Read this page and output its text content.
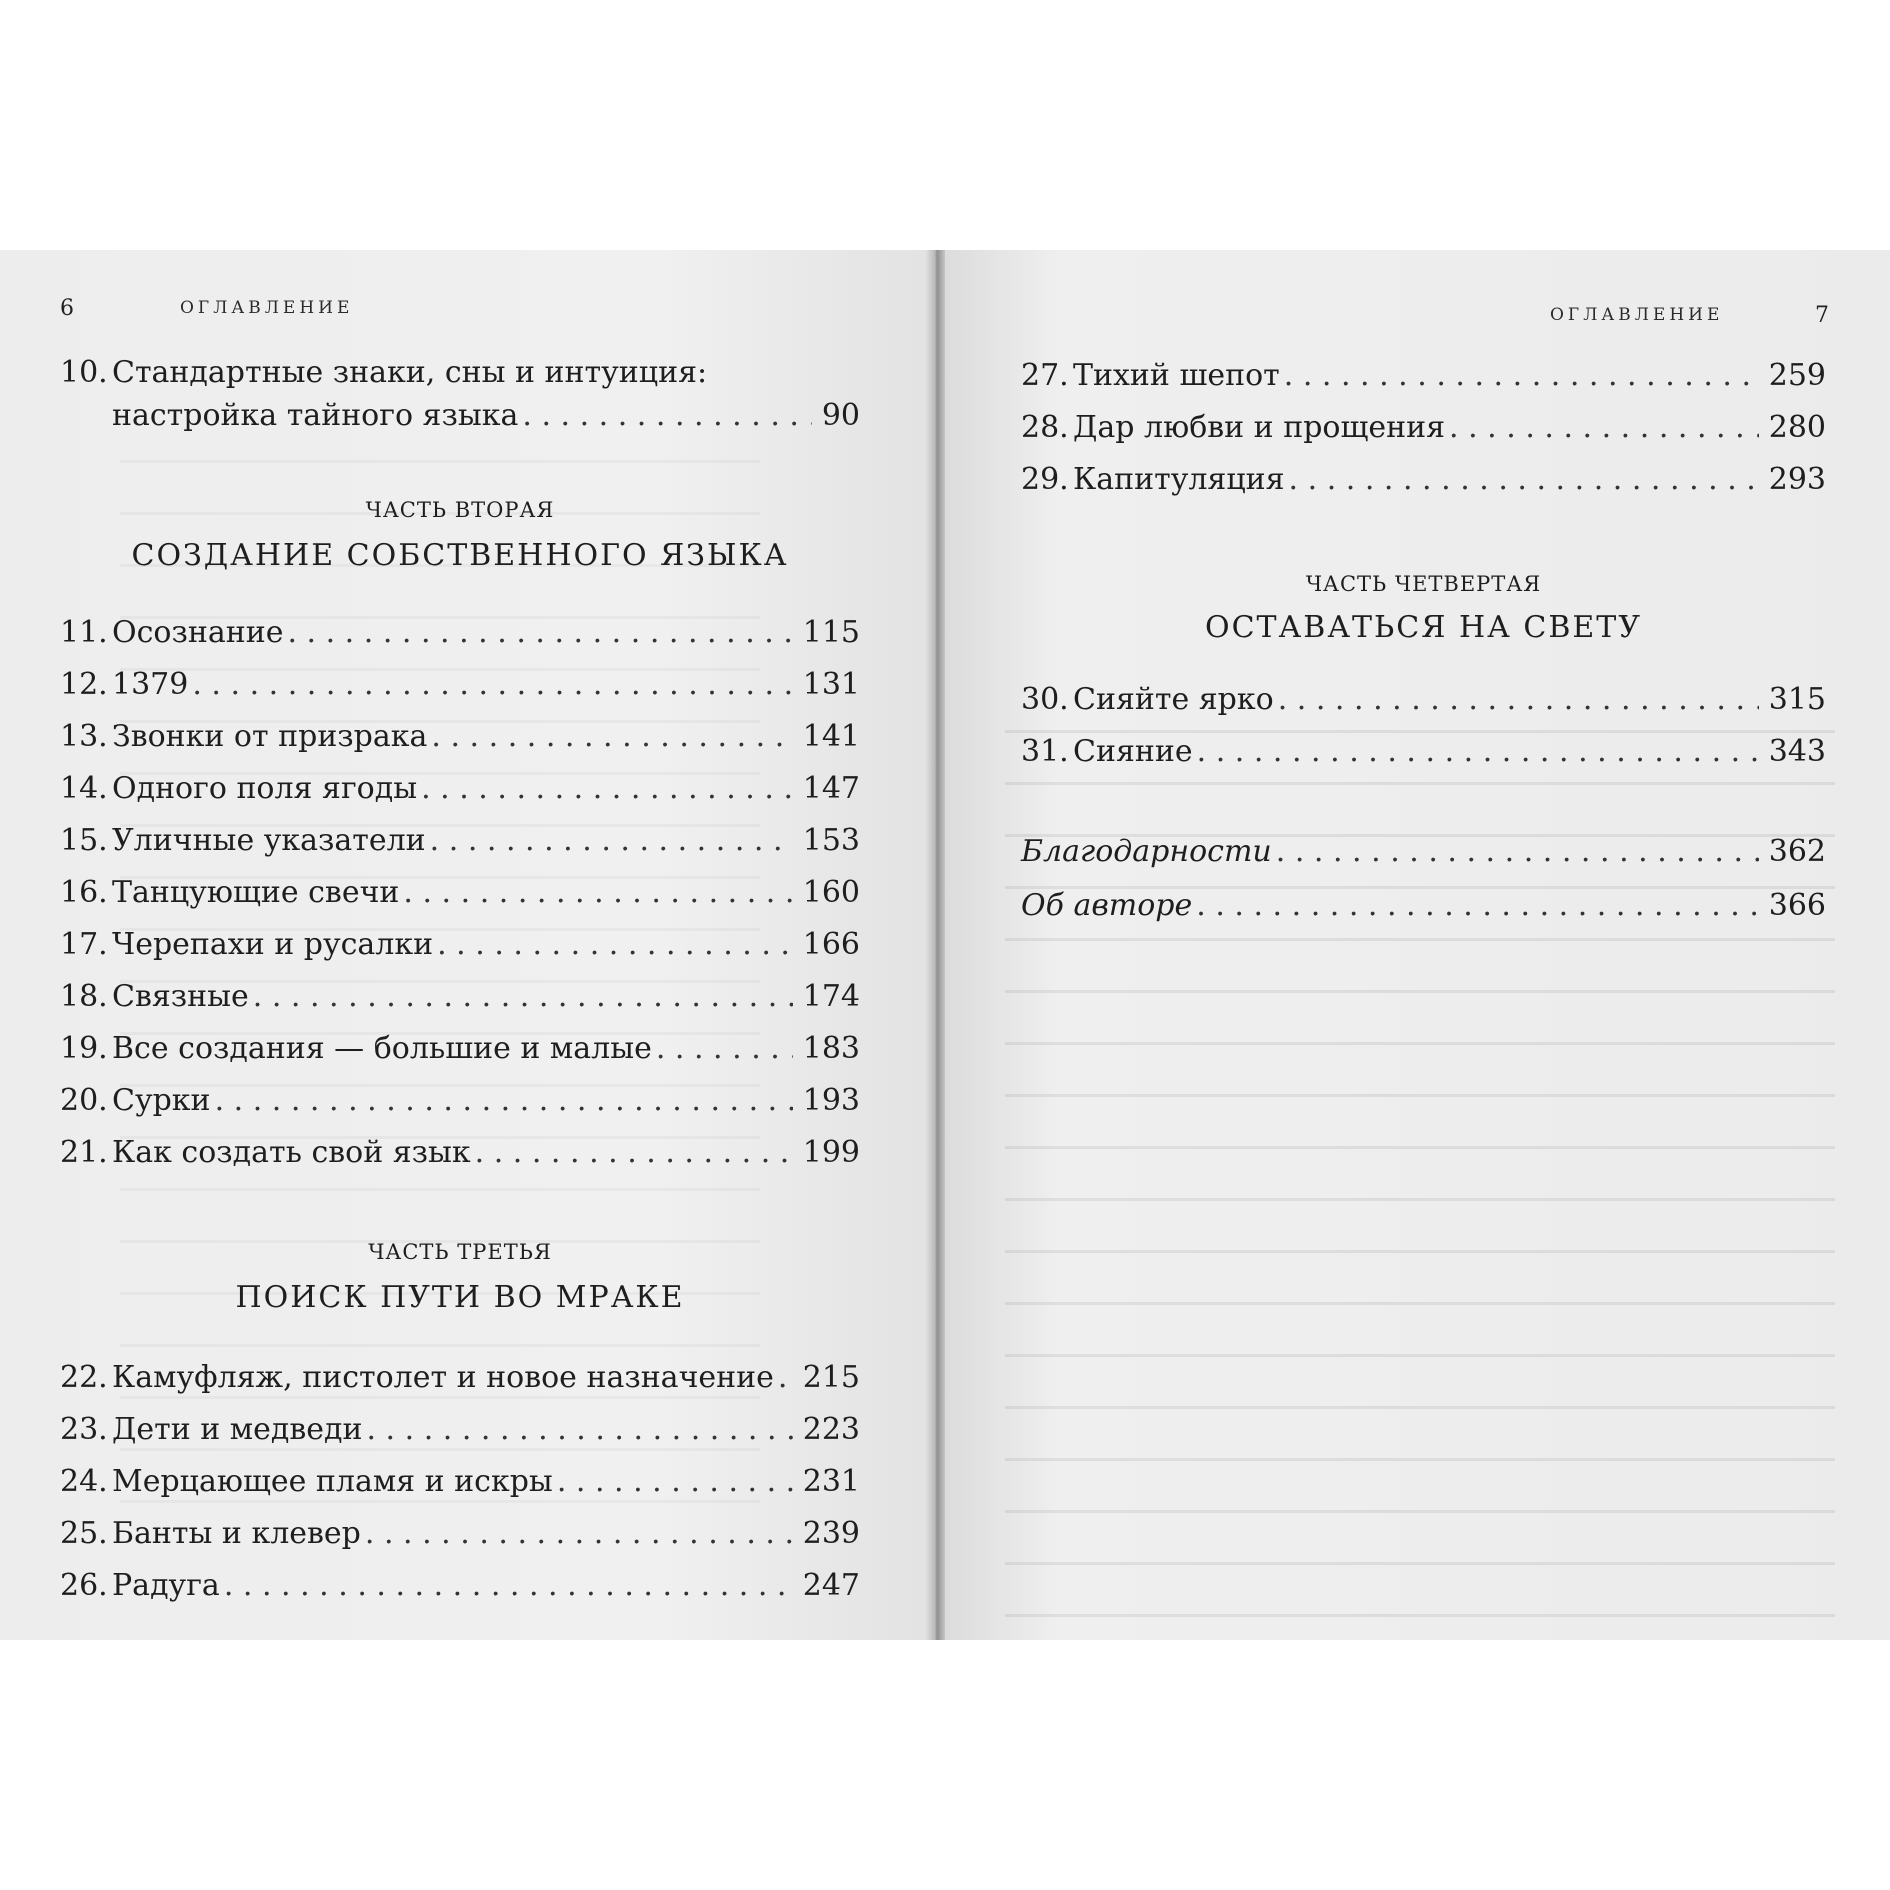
6	ОГЛАВЛЕНИЕ
10. Стандартные знаки, сны и интуиция:
настройка тайного языка . . .	90
ЧАСТЬ ВТОРАЯ
СОЗДАНИЕ СОБСТВЕННОГО ЯЗЫКА
11. Осознание . . .	115
12. 1379 . . .	131
13. Звонки от призрака . . .	141
14. Одного поля ягоды . . .	147
15. Уличные указатели . . .	153
16. Танцующие свечи . . .	160
17. Черепахи и русалки . . .	166
18. Связные . . .	174
19. Все создания — большие и малые . . .	183
20. Сурки . . .	193
21. Как создать свой язык . . .	199
ЧАСТЬ ТРЕТЬЯ
ПОИСК ПУТИ ВО МРАКЕ
22. Камуфляж, пистолет и новое назначение . . . 215
23. Дети и медведи . . .	223
24. Мерцающее пламя и искры . . .	231
25. Банты и клевер . . .	239
26. Радуга . . .	247
ОГЛАВЛЕНИЕ	7
27. Тихий шепот . . .	259
28. Дар любви и прощения . . .	280
29. Капитуляция . . .	293
ЧАСТЬ ЧЕТВЕРТАЯ
ОСТАВАТЬСЯ НА СВЕТУ
30. Сияйте ярко . . .	315
31. Сияние . . .	343
Благодарности . . .	362
Об авторе . . .	366
